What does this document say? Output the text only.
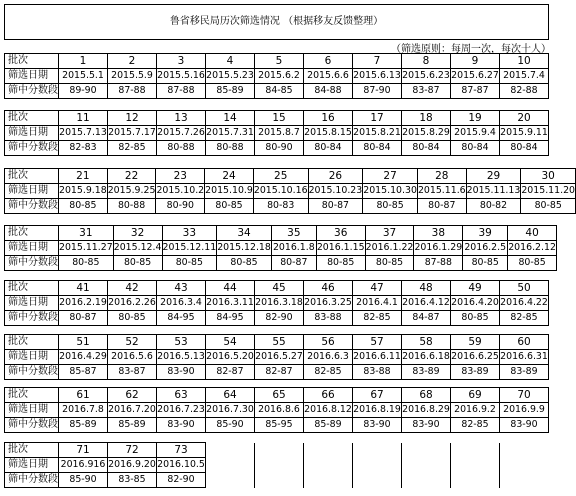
鲁省移民局历次筛选情况 （根据移友反馈整理）
（筛选原则：每周一次，每次十人）
批次	1	2	3	4	5	6	7	8	9	10
筛选日期	2015.5.1	2015.5.9	2015.5.16	2015.5.23	2015.6.2	2015.6.6	2015.6.13	2015.6.23	2015.6.27	2015.7.4
筛中分数段	89-90	87-88	87-88	85-89	84-85	84-88	87-90	83-87	87-87	82-88
批次	11	12	13	14	15	16	17	18	19	20
筛选日期	2015.7.13	2015.7.17	2015.7.26	2015.7.31	2015.8.7	2015.8.15	2015.8.21	2015.8.29	2015.9.4	2015.9.11
筛中分数段	82-83	82-85	80-88	80-88	80-90	80-84	80-84	80-84	80-84	80-84
批次	21	22	23	24	25	26	27	28	29	30
筛选日期	2015.9.18	2015.9.25	2015.10.2	2015.10.9	2015.10.16	2015.10.23	2015.10.30	2015.11.6	2015.11.13	2015.11.20
筛中分数段	80-85	80-88	80-90	80-85	80-83	80-87	80-85	80-87	80-82	80-85
批次	31	32	33	34	35	36	37	38	39	40
筛选日期	2015.11.27	2015.12.4	2015.12.11	2015.12.18	2016.1.8	2016.1.15	2016.1.22	2016.1.29	2016.2.5	2016.2.12
筛中分数段	80-85	80-85	80-85	80-85	80-87	80-85	80-85	87-88	80-85	80-85
批次	41	42	43	44	45	46	47	48	49	50
筛选日期	2016.2.19	2016.2.26	2016.3.4	2016.3.11	2016.3.18	2016.3.25	2016.4.1	2016.4.12	2016.4.20	2016.4.22
筛中分数段	80-87	80-85	84-95	84-95	82-90	83-88	82-85	84-87	80-85	82-85
批次	51	52	53	54	55	56	57	58	59	60
筛选日期	2016.4.29	2016.5.6	2016.5.13	2016.5.20	2016.5.27	2016.6.3	2016.6.11	2016.6.18	2016.6.25	2016.6.31
筛中分数段	85-87	83-87	83-90	82-87	82-87	82-85	83-88	83-89	83-89	83-89
批次	61	62	63	64	65	66	67	68	69	70
筛选日期	2016.7.8	2016.7.20	2016.7.23	2016.7.30	2016.8.6	2016.8.12	2016.8.19	2016.8.29	2016.9.2	2016.9.9
筛中分数段	85-89	85-89	83-90	85-90	85-95	85-89	83-90	83-90	82-85	83-90
批次	71	72	73							
筛选日期	2016.916	2016.9.20	2016.10.5							
筛中分数段	85-90	83-85	82-90							
